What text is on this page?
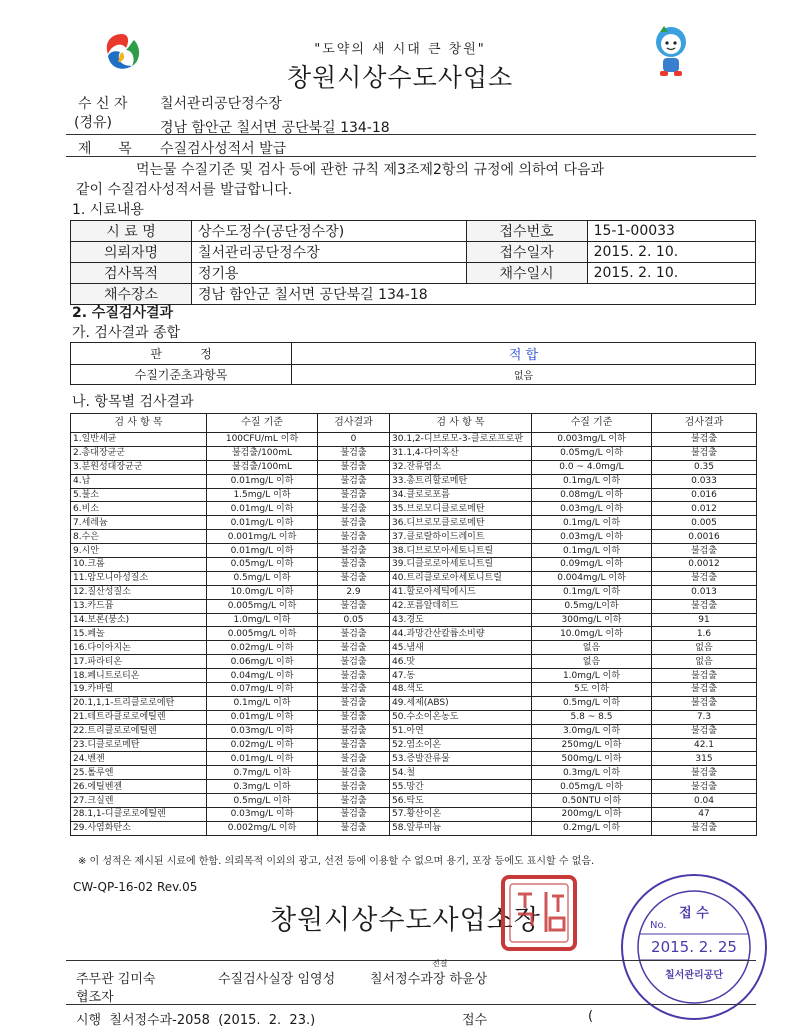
"도약의 새 시대 큰 창원"
창원시상수도사업소
수 신 자 칠서관리공단정수장
(경유)	경남 함안군 칠서면 공단북길 134-18
제      목 수질검사성적서 발급
먹는물 수질기준 및 검사 등에 관한 규칙 제3조제2항의 규정에 의하여 다음과
같이 수질검사성적서를 발급합니다.
1. 시료내용
시 료 명	상수도정수(공단정수장)	접수번호	15-1-00033
의뢰자명	칠서관리공단정수장	접수일자	2015. 2. 10.
검사목적	정기용	채수일시	2015. 2. 10.
채수장소	경남 함안군 칠서면 공단북길 134-18		
2. 수질검사결과
가. 검사결과 종합
판          정	적 합
수질기준초과항목	없음
나. 항목별 검사결과
검 사 항 목	수질 기준	검사결과	검 사 항 목	수질 기준	검사결과
1.일반세균	100CFU/mL 이하	0	30.1,2-디브로모-3-클로로프로판	0.003mg/L 이하	불검출
2.총대장균군	불검출/100mL	불검출	31.1,4-다이옥산	0.05mg/L 이하	불검출
3.분원성대장균군	불검출/100mL	불검출	32.잔류염소	0.0 ~ 4.0mg/L	0.35
4.납	0.01mg/L 이하	불검출	33.총트리할로메탄	0.1mg/L 이하	0.033
5.불소	1.5mg/L 이하	불검출	34.클로로포름	0.08mg/L 이하	0.016
6.비소	0.01mg/L 이하	불검출	35.브로모디클로로메탄	0.03mg/L 이하	0.012
7.세레늄	0.01mg/L 이하	불검출	36.디브로모클로로메탄	0.1mg/L 이하	0.005
8.수은	0.001mg/L 이하	불검출	37.클로랄하이드레이트	0.03mg/L 이하	0.0016
9.시안	0.01mg/L 이하	불검출	38.디브로모아세토니트릴	0.1mg/L 이하	불검출
10.크롬	0.05mg/L 이하	불검출	39.디클로로아세토니트릴	0.09mg/L 이하	0.0012
11.암모니아성질소	0.5mg/L 이하	불검출	40.트리클로로아세토니트릴	0.004mg/L 이하	불검출
12.질산성질소	10.0mg/L 이하	2.9	41.할로아세틱에시드	0.1mg/L 이하	0.013
13.카드뮴	0.005mg/L 이하	불검출	42.포름알데히드	0.5mg/L이하	불검출
14.보론(붕소)	1.0mg/L 이하	0.05	43.경도	300mg/L 이하	91
15.페놀	0.005mg/L 이하	불검출	44.과망간산칼륨소비량	10.0mg/L 이하	1.6
16.다이아지논	0.02mg/L 이하	불검출	45.냄새	없음	없음
17.파라티온	0.06mg/L 이하	불검출	46.맛	없음	없음
18.페니트로티온	0.04mg/L 이하	불검출	47.동	1.0mg/L 이하	불검출
19.카바릴	0.07mg/L 이하	불검출	48.색도	5도 이하	불검출
20.1,1,1-트리클로로에탄	0.1mg/L 이하	불검출	49.세제(ABS)	0.5mg/L 이하	불검출
21.테트라클로로에틸렌	0.01mg/L 이하	불검출	50.수소이온농도	5.8 ~ 8.5	7.3
22.트리클로로에틸렌	0.03mg/L 이하	불검출	51.아연	3.0mg/L 이하	불검출
23.디클로로메탄	0.02mg/L 이하	불검출	52.염소이온	250mg/L 이하	42.1
24.벤젠	0.01mg/L 이하	불검출	53.증발잔류물	500mg/L 이하	315
25.톨루엔	0.7mg/L 이하	불검출	54.철	0.3mg/L 이하	불검출
26.에틸벤젠	0.3mg/L 이하	불검출	55.망간	0.05mg/L 이하	불검출
27.크실렌	0.5mg/L 이하	불검출	56.탁도	0.50NTU 이하	0.04
28.1,1-디클로로에틸렌	0.03mg/L 이하	불검출	57.황산이온	200mg/L 이하	47
29.사염화탄소	0.002mg/L 이하	불검출	58.알루미늄	0.2mg/L 이하	불검출
※ 이 성적은 제시된 시료에 한함. 의뢰목적 이외의 광고, 선전 등에 이용할 수 없으며 용기, 포장 등에도 표시할 수 없음.
CW-QP-16-02 Rev.05
창원시상수도사업소장	접 수
No.
2015. 2. 25
칠서관리공단
주무관 김미숙	수질검사실장 임영성
전결
칠서정수과장 하윤상
협조자
시행  칠서정수과-2058  (2015.  2.  23.)	접수	(
